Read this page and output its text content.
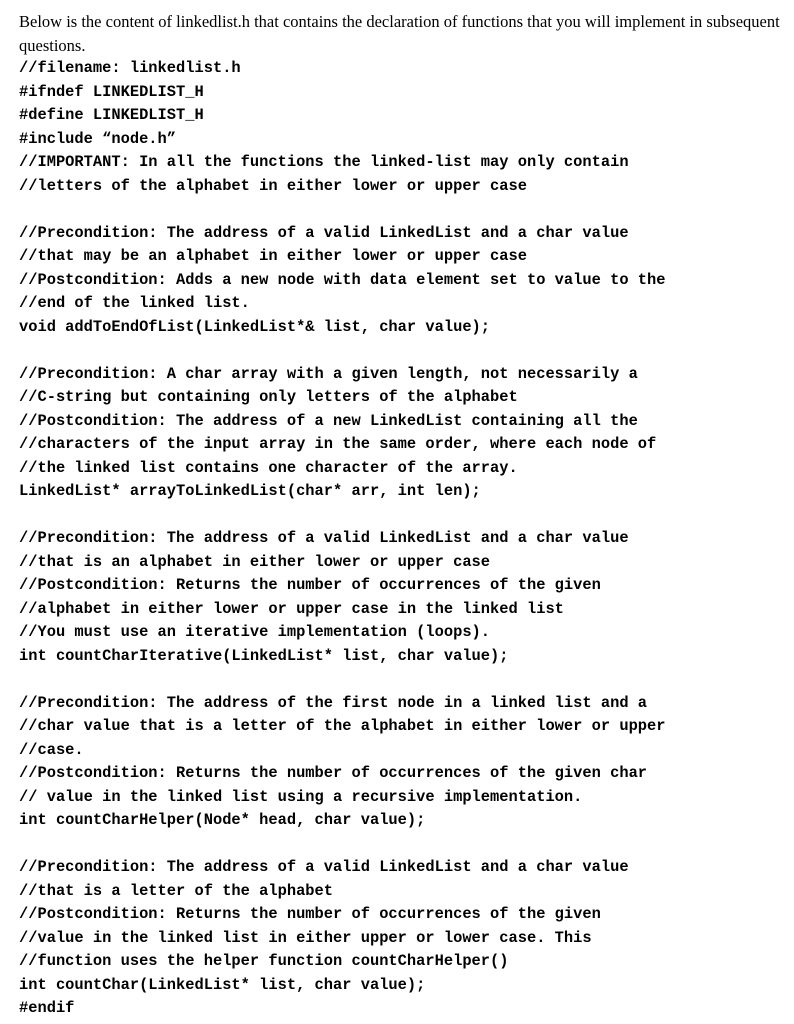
Below is the content of linkedlist.h that contains the declaration of functions that you will implement in subsequent questions.

//filename: linkedlist.h
#ifndef LINKEDLIST_H
#define LINKEDLIST_H
#include “node.h”
//IMPORTANT: In all the functions the linked-list may only contain
//letters of the alphabet in either lower or upper case
//Precondition: The address of a valid LinkedList and a char value
//that may be an alphabet in either lower or upper case
//Postcondition: Adds a new node with data element set to value to the
//end of the linked list.
void addToEndOfList(LinkedList*& list, char value);
//Precondition: A char array with a given length, not necessarily a
//C-string but containing only letters of the alphabet
//Postcondition: The address of a new LinkedList containing all the
//characters of the input array in the same order, where each node of
//the linked list contains one character of the array.
LinkedList* arrayToLinkedList(char* arr, int len);
//Precondition: The address of a valid LinkedList and a char value
//that is an alphabet in either lower or upper case
//Postcondition: Returns the number of occurrences of the given
//alphabet in either lower or upper case in the linked list
//You must use an iterative implementation (loops).
int countCharIterative(LinkedList* list, char value);
//Precondition: The address of the first node in a linked list and a
//char value that is a letter of the alphabet in either lower or upper
//case.
//Postcondition: Returns the number of occurrences of the given char
// value in the linked list using a recursive implementation.
int countCharHelper(Node* head, char value);
//Precondition: The address of a valid LinkedList and a char value
//that is a letter of the alphabet
//Postcondition: Returns the number of occurrences of the given
//value in the linked list in either upper or lower case. This
//function uses the helper function countCharHelper()
int countChar(LinkedList* list, char value);
#endif
